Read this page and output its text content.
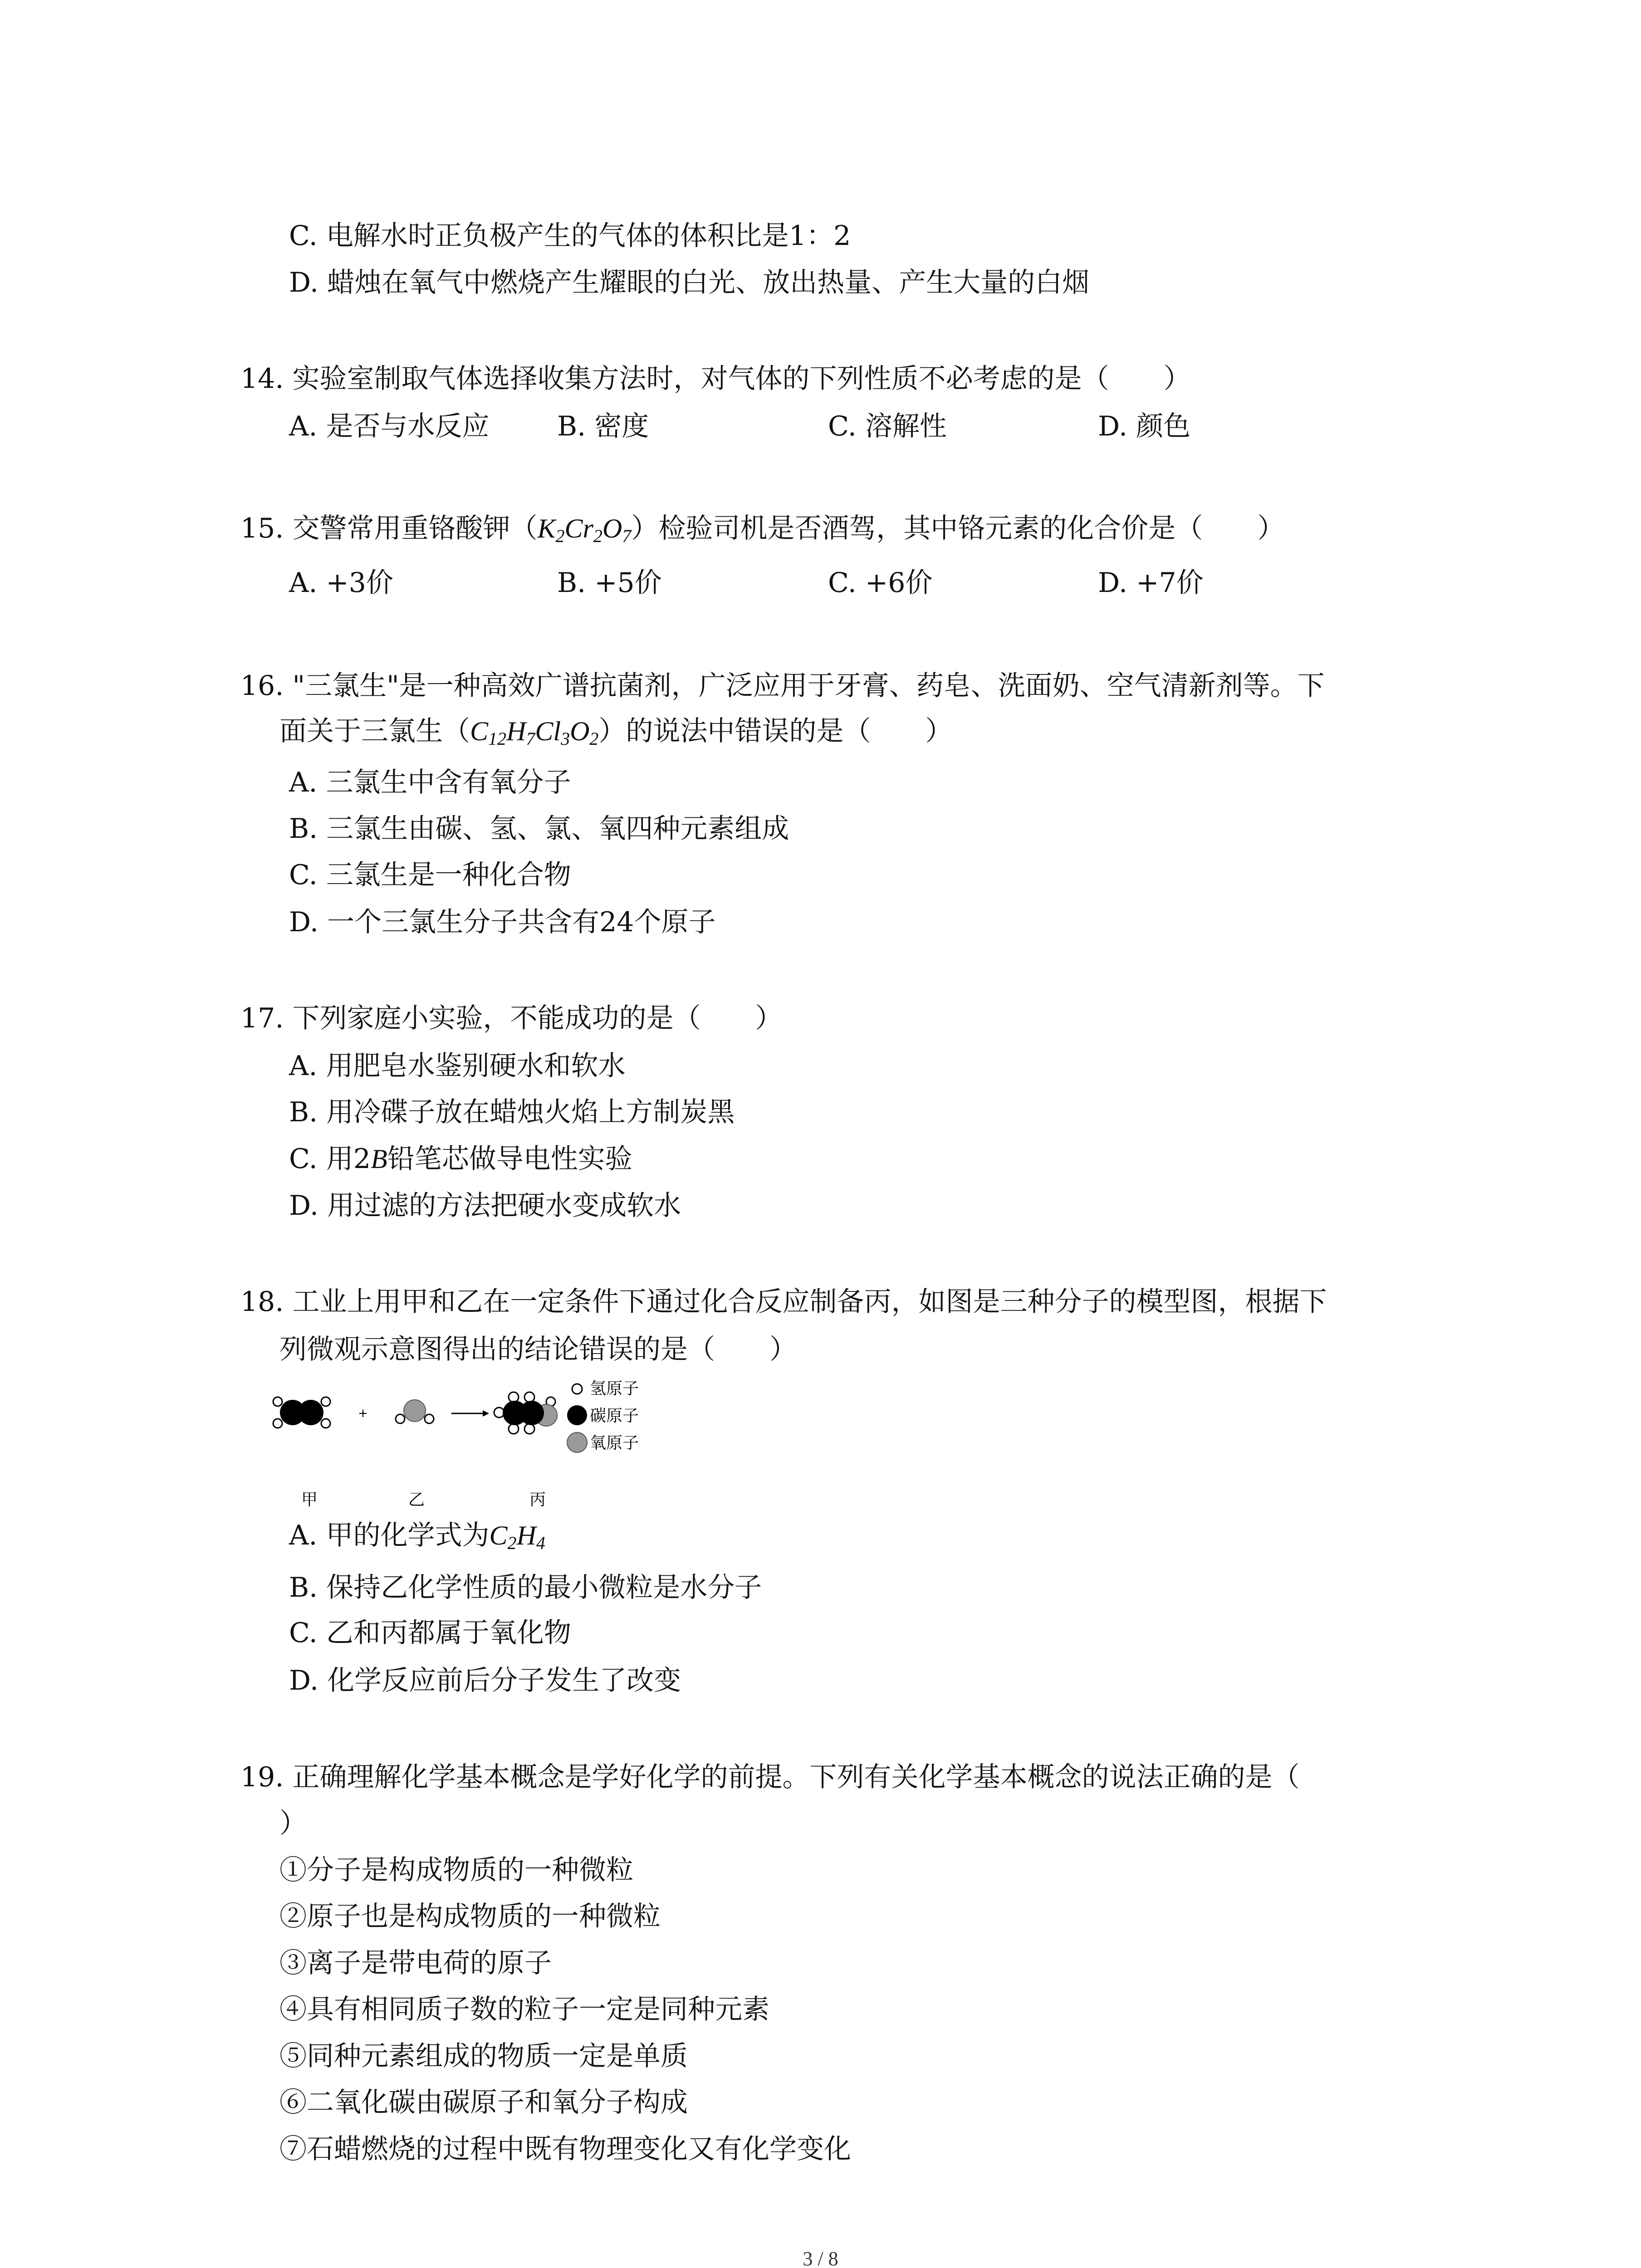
C. 电解水时正负极产生的气体的体积比是1：2
D. 蜡烛在氧气中燃烧产生耀眼的白光、放出热量、产生大量的白烟
14. 实验室制取气体选择收集方法时，对气体的下列性质不必考虑的是（　　）
A. 是否与水反应 B. 密度	C. 溶解性	D. 颜色
15. 交警常用重铬酸钾$(K_2Cr_2O_7)$检验司机是否酒驾，其中铬元素的化合价是（　　）
A. +3价	B. +5价	C. +6价	D. +7价
16. "三氯生"是一种高效广谱抗菌剂，广泛应用于牙膏、药皂、洗面奶、空气清新剂等。下
面关于三氯生$(C_{12}H_7Cl_3O_2)$的说法中错误的是（　　）
A. 三氯生中含有氧分子
B. 三氯生由碳、氢、氯、氧四种元素组成
C. 三氯生是一种化合物
D. 一个三氯生分子共含有24个原子
17. 下列家庭小实验，不能成功的是（　　）
A. 用肥皂水鉴别硬水和软水
B. 用冷碟子放在蜡烛火焰上方制炭黑
C. 用2B铅笔芯做导电性实验
D. 用过滤的方法把硬水变成软水
18. 工业上用甲和乙在一定条件下通过化合反应制备丙，如图是三种分子的模型图，根据下
列微观示意图得出的结论错误的是（　　）
+
氢原子
碳原子
氧原子
甲	乙	丙
A. 甲的化学式为$C_2H_4$
B. 保持乙化学性质的最小微粒是水分子
C. 乙和丙都属于氧化物
D. 化学反应前后分子发生了改变
19. 正确理解化学基本概念是学好化学的前提。下列有关化学基本概念的说法正确的是（
）
①分子是构成物质的一种微粒
②原子也是构成物质的一种微粒
③离子是带电荷的原子
④具有相同质子数的粒子一定是同种元素
⑤同种元素组成的物质一定是单质
⑥二氧化碳由碳原子和氧分子构成
⑦石蜡燃烧的过程中既有物理变化又有化学变化
3 / 8
